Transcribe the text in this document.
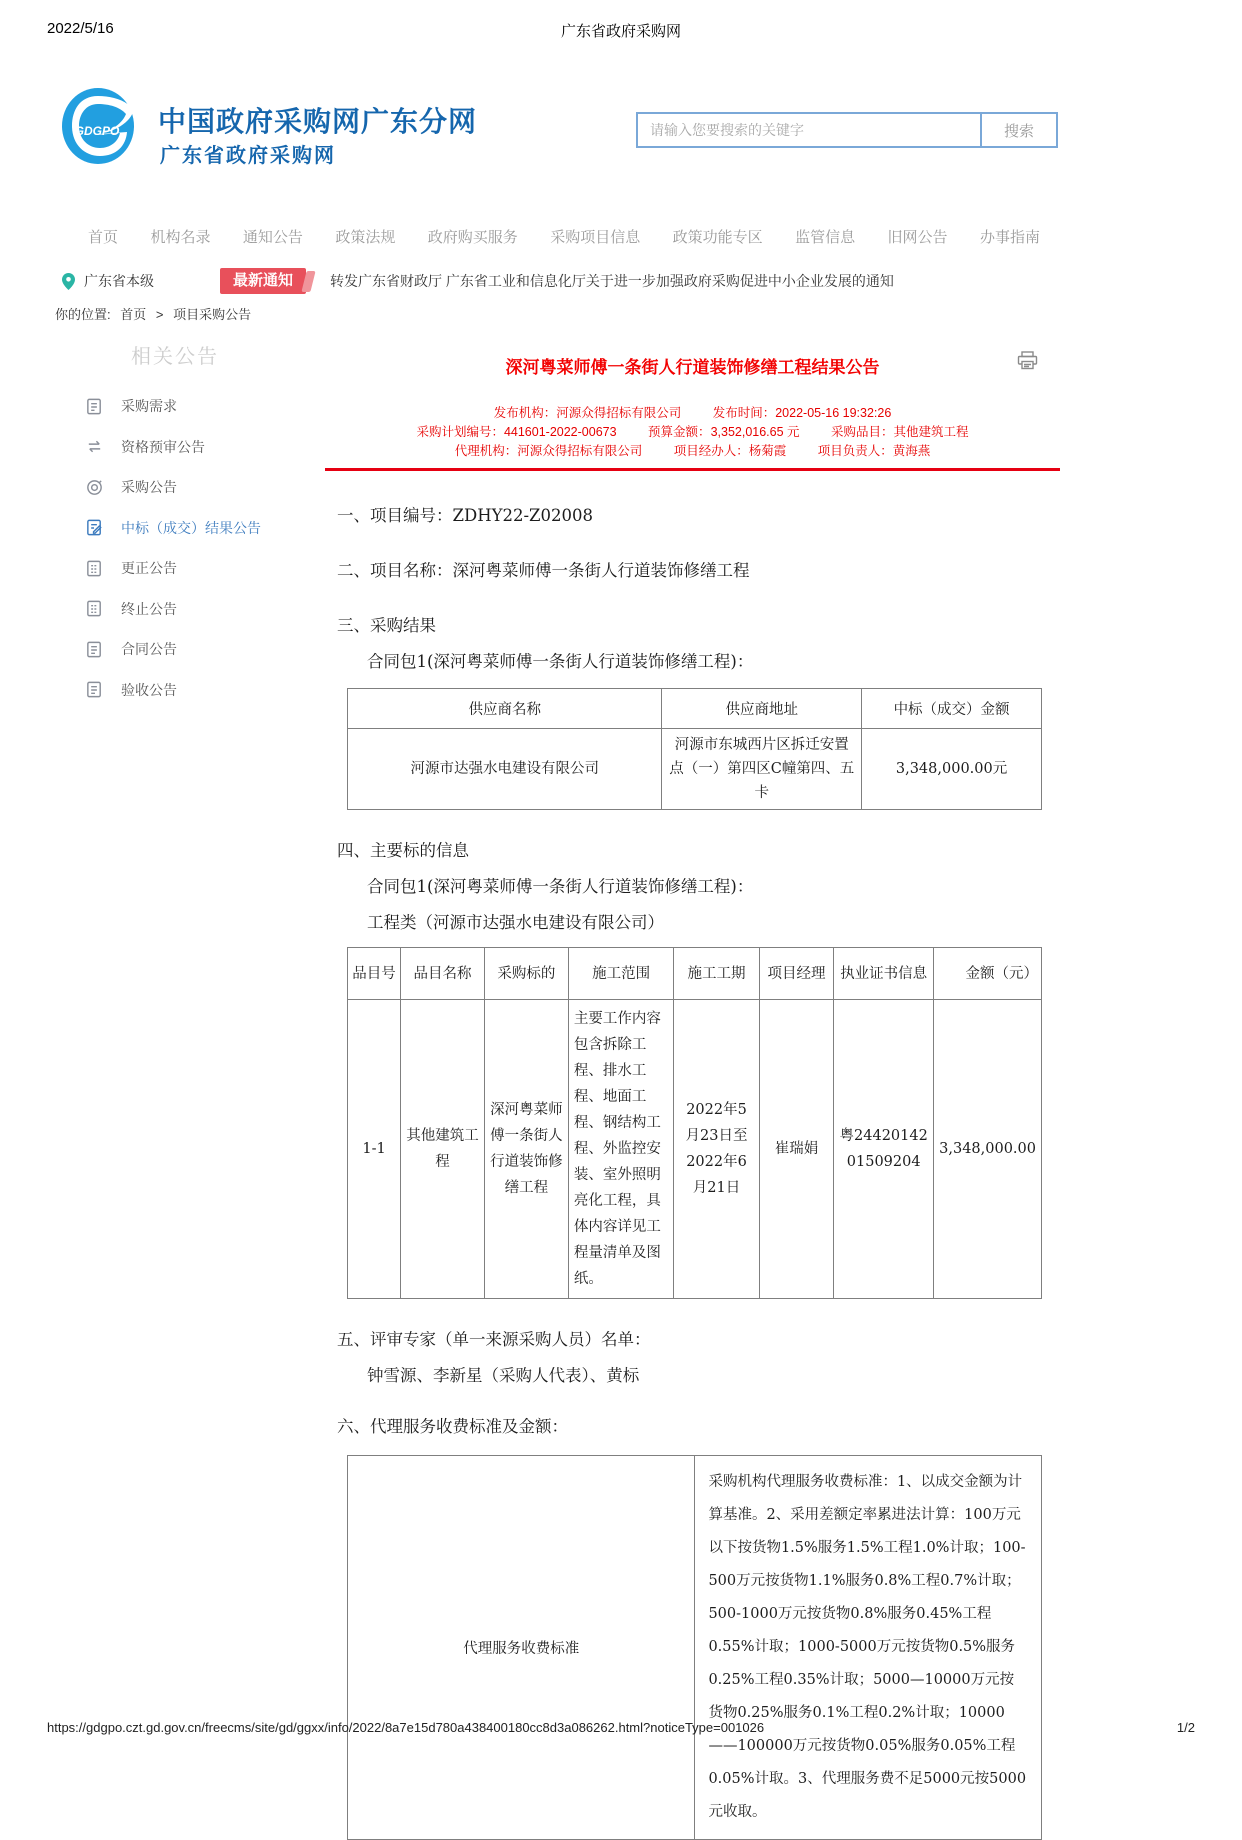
2022/5/16	广东省政府采购网
GDGPO 中国政府采购网广东分网
广东省政府采购网
请输入您要搜索的关键字
搜索
首页 机构名录 通知公告 政策法规 政府购买服务 采购项目信息 政策功能专区 监管信息 旧网公告 办事指南
广东省本级	最新通知	转发广东省财政厅 广东省工业和信息化厅关于进一步加强政府采购促进中小企业发展的通知
你的位置: 首页 > 项目采购公告
相关公告
采购需求
资格预审公告
采购公告
中标（成交）结果公告
更正公告
终止公告
合同公告
验收公告
深河粤菜师傅一条街人行道装饰修缮工程结果公告
发布机构：河源众得招标有限公司	发布时间：2022-05-16 19:32:26
采购计划编号：441601-2022-00673	预算金额：3,352,016.65 元	采购品目：其他建筑工程
代理机构：河源众得招标有限公司	项目经办人：杨菊霞	项目负责人：黄海燕
一、项目编号：ZDHY22-Z02008
二、项目名称：深河粤菜师傅一条街人行道装饰修缮工程
三、采购结果
合同包1(深河粤菜师傅一条街人行道装饰修缮工程)：
供应商名称	供应商地址	中标（成交）金额
河源市达强水电建设有限公司	河源市东城西片区拆迁安置点（一）第四区C幢第四、五卡	3,348,000.00元
四、主要标的信息
合同包1(深河粤菜师傅一条街人行道装饰修缮工程)：
工程类（河源市达强水电建设有限公司）
品目号	品目名称	采购标的	施工范围	施工工期	项目经理	执业证书信息	金额（元）
1-1	其他建筑工程	深河粤菜师傅一条街人行道装饰修缮工程	主要工作内容包含拆除工程、排水工程、地面工程、钢结构工程、外监控安装、室外照明亮化工程，具 体内容详见工程量清单及图纸。	2022年5月23日至2022年6月21日	崔瑞娟	粤2442014201509204	3,348,000.00
五、评审专家（单一来源采购人员）名单：
钟雪源、李新星（采购人代表）、黄标
六、代理服务收费标准及金额：
代理服务收费标准	采购机构代理服务收费标准：1、以成交金额为计算基准。2、采用差额定率累进法计算：100万元以下按货物1.5%服务1.5%工程1.0%计取；100-500万元按货物1.1%服务0.8%工程0.7%计取；500-1000万元按货物0.8%服务0.45%工程0.55%计取；1000-5000万元按货物0.5%服务0.25%工程0.35%计取；5000—10000万元按货物0.25%服务0.1%工程0.2%计取；10000——100000万元按货物0.05%服务0.05%工程0.05%计取。3、代理服务费不足5000元按5000元收取。
https://gdgpo.czt.gd.gov.cn/freecms/site/gd/ggxx/info/2022/8a7e15d780a438400180cc8d3a086262.html?noticeType=001026	1/2
